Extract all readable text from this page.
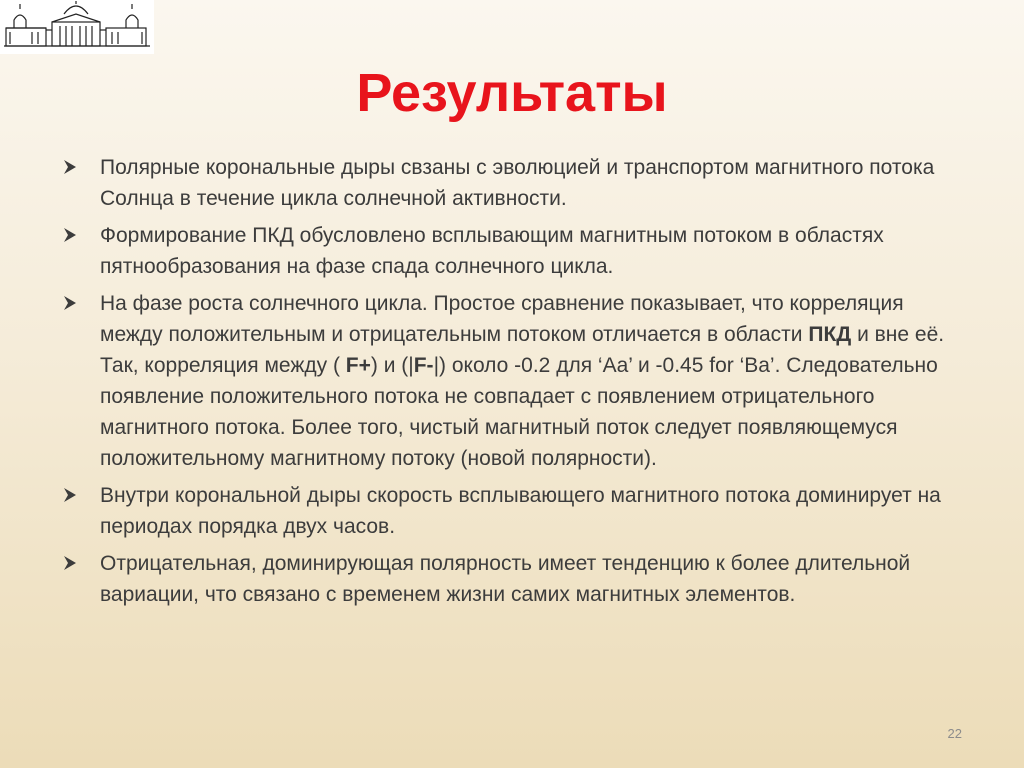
Результаты
Полярные корональные дыры свзаны с эволюцией и транспортом магнитного потока Солнца в течение цикла солнечной активности.
Формирование ПКД обусловлено всплывающим магнитным потоком в областях пятнообразования на фазе спада солнечного цикла.
На фазе роста солнечного цикла. Простое сравнение показывает, что корреляция между положительным и отрицательным потоком отличается в области ПКД и вне её. Так, корреляция между ( F+) и (|F-|) около -0.2 для ‘Aa’ и -0.45 for ‘Ba’. Следовательно появление положительного потока не совпадает с появлением отрицательного магнитного потока. Более того, чистый магнитный поток следует появляющемуся положительному магнитному потоку (новой полярности).
Внутри корональной дыры скорость всплывающего магнитного потока доминирует на периодах порядка двух часов.
Отрицательная, доминирующая полярность имеет тенденцию к более длительной вариации, что связано с временем жизни самих магнитных элементов.
22
